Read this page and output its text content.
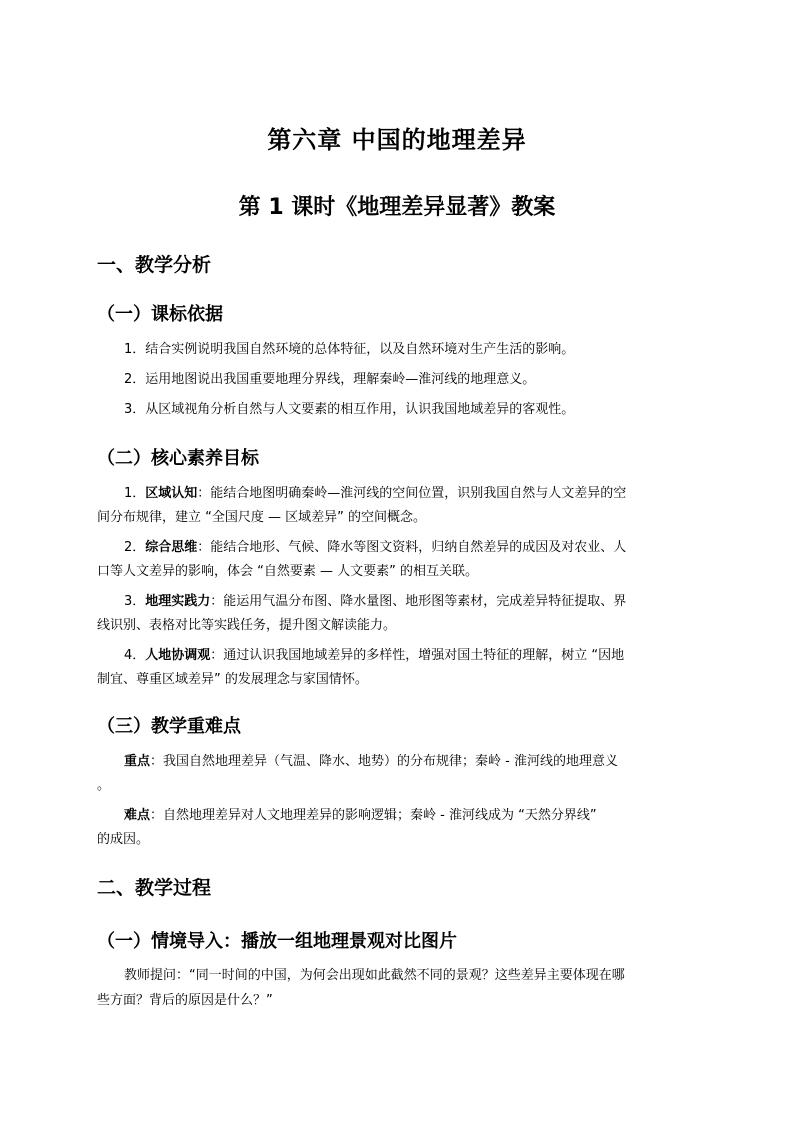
第六章 中国的地理差异
第 1 课时《地理差异显著》教案
一、教学分析
（一）课标依据
1．结合实例说明我国自然环境的总体特征，以及自然环境对生产生活的影响。
2．运用地图说出我国重要地理分界线，理解秦岭—淮河线的地理意义。
3．从区域视角分析自然与人文要素的相互作用，认识我国地域差异的客观性。
（二）核心素养目标
1．区域认知：能结合地图明确秦岭—淮河线的空间位置，识别我国自然与人文差异的空
间分布规律，建立 “全国尺度 — 区域差异” 的空间概念。
2．综合思维：能结合地形、气候、降水等图文资料，归纳自然差异的成因及对农业、人
口等人文差异的影响，体会 “自然要素 — 人文要素” 的相互关联。
3．地理实践力：能运用气温分布图、降水量图、地形图等素材，完成差异特征提取、界
线识别、表格对比等实践任务，提升图文解读能力。
4．人地协调观：通过认识我国地域差异的多样性，增强对国土特征的理解，树立 “因地
制宜、尊重区域差异” 的发展理念与家国情怀。
（三）教学重难点
重点：我国自然地理差异（气温、降水、地势）的分布规律；秦岭 - 淮河线的地理意义
。
难点：自然地理差异对人文地理差异的影响逻辑；秦岭 - 淮河线成为 “天然分界线”
的成因。
二、教学过程
（一）情境导入：播放一组地理景观对比图片
教师提问：“同一时间的中国，为何会出现如此截然不同的景观？这些差异主要体现在哪
些方面？背后的原因是什么？”
